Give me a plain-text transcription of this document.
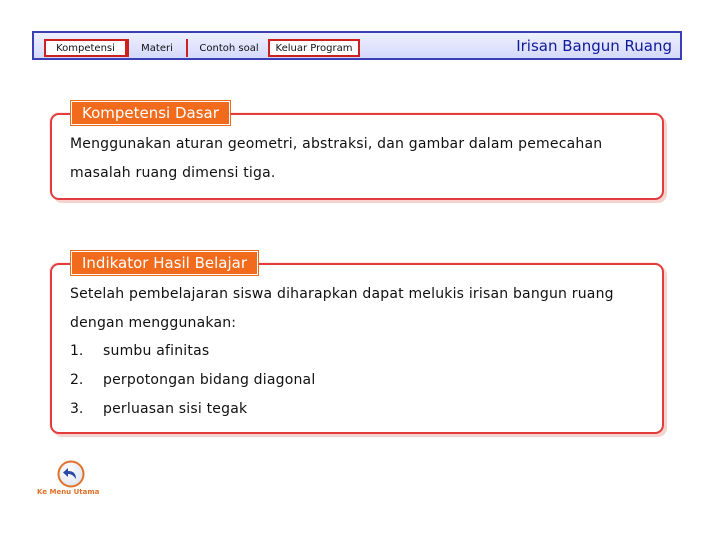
Kompetensi	Materi	Contoh soal	Keluar Program	Irisan Bangun Ruang
Kompetensi Dasar
Menggunakan aturan geometri, abstraksi, dan gambar dalam pemecahan
masalah ruang dimensi tiga.
Indikator Hasil Belajar
Setelah pembelajaran siswa diharapkan dapat melukis irisan bangun ruang
dengan menggunakan:
1. sumbu afinitas
2. perpotongan bidang diagonal
3. perluasan sisi tegak
Ke Menu Utama
